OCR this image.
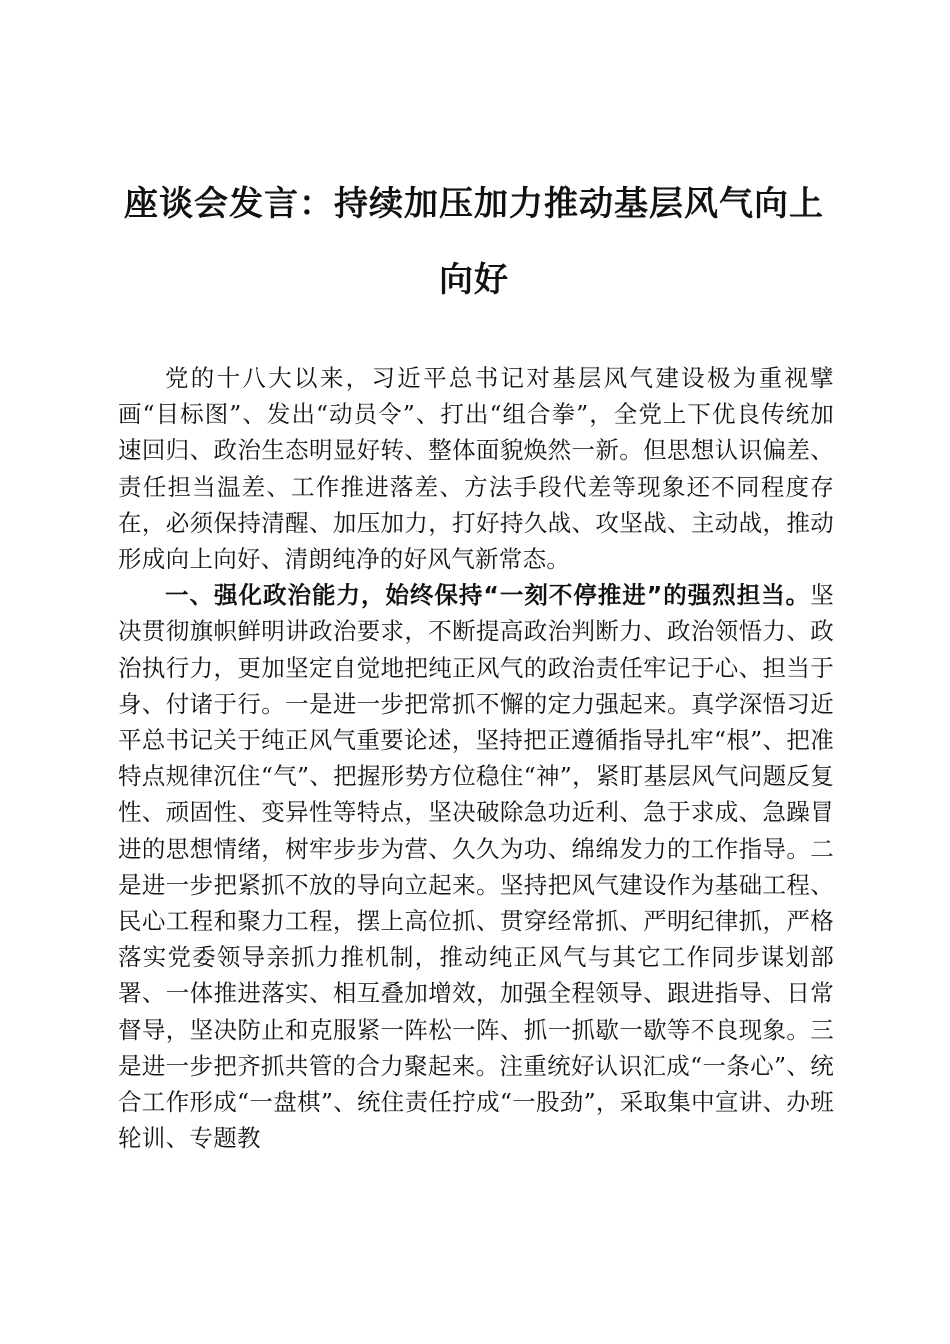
座谈会发言：持续加压加力推动基层风气向上向好

党的十八大以来，习近平总书记对基层风气建设极为重视擘画“目标图”、发出“动员令”、打出“组合拳”，全党上下优良传统加速回归、政治生态明显好转、整体面貌焕然一新。但思想认识偏差、责任担当温差、工作推进落差、方法手段代差等现象还不同程度存在，必须保持清醒、加压加力，打好持久战、攻坚战、主动战，推动形成向上向好、清朗纯净的好风气新常态。

一、强化政治能力，始终保持“一刻不停推进”的强烈担当。坚决贯彻旗帜鲜明讲政治要求，不断提高政治判断力、政治领悟力、政治执行力，更加坚定自觉地把纯正风气的政治责任牢记于心、担当于身、付诸于行。一是进一步把常抓不懈的定力强起来。真学深悟习近平总书记关于纯正风气重要论述，坚持把正遵循指导扎牢“根”、把准特点规律沉住“气”、把握形势方位稳住“神”，紧盯基层风气问题反复性、顽固性、变异性等特点，坚决破除急功近利、急于求成、急躁冒进的思想情绪，树牢步步为营、久久为功、绵绵发力的工作指导。二是进一步把紧抓不放的导向立起来。坚持把风气建设作为基础工程、民心工程和聚力工程，摆上高位抓、贯穿经常抓、严明纪律抓，严格落实党委领导亲抓力推机制，推动纯正风气与其它工作同步谋划部署、一体推进落实、相互叠加增效，加强全程领导、跟进指导、日常督导，坚决防止和克服紧一阵松一阵、抓一抓歇一歇等不良现象。三是进一步把齐抓共管的合力聚起来。注重统好认识汇成“一条心”、统合工作形成“一盘棋”、统住责任拧成“一股劲”，采取集中宣讲、办班轮训、专题教
